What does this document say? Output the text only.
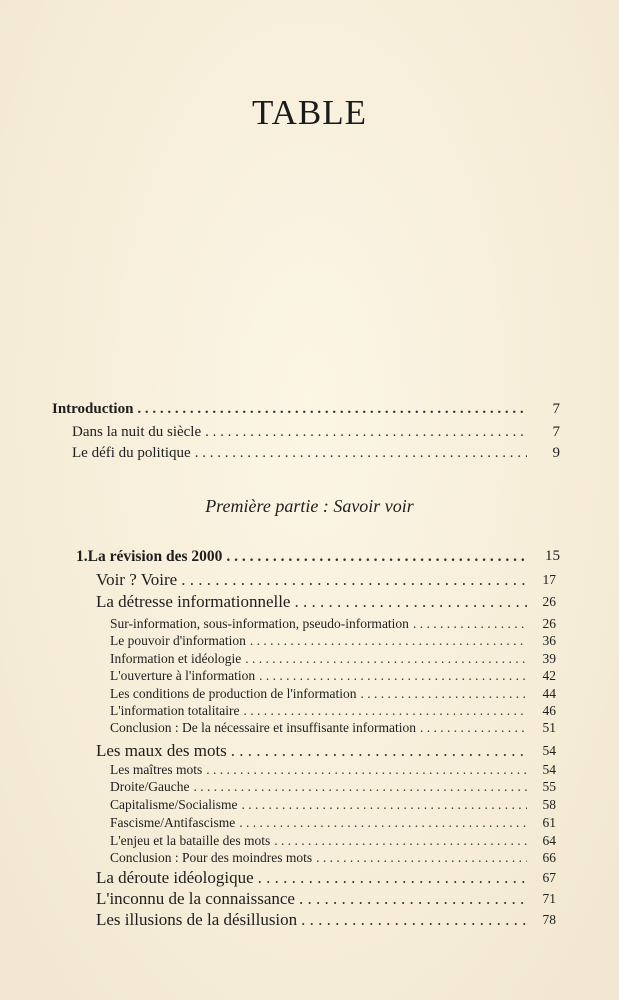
TABLE
Introduction . . .	7
Dans la nuit du siècle . . .	7
Le défi du politique . . .	9
Première partie : Savoir voir
1. La révision des 2000 . . .	15
Voir ? Voire . . .	17
La détresse informationnelle . . .	26
Sur-information, sous-information, pseudo-information . . .	26
Le pouvoir d'information . . .	36
Information et idéologie . . .	39
L'ouverture à l'information . . .	42
Les conditions de production de l'information . . .	44
L'information totalitaire . . .	46
Conclusion : De la nécessaire et insuffisante information . . .	51
Les maux des mots . . .	54
Les maîtres mots . . .	54
Droite/Gauche . . .	55
Capitalisme/Socialisme . . .	58
Fascisme/Antifascisme . . .	61
L'enjeu et la bataille des mots . . .	64
Conclusion : Pour des moindres mots . . .	66
La déroute idéologique . . .	67
L'inconnu de la connaissance . . .	71
Les illusions de la désillusion . . .	78
